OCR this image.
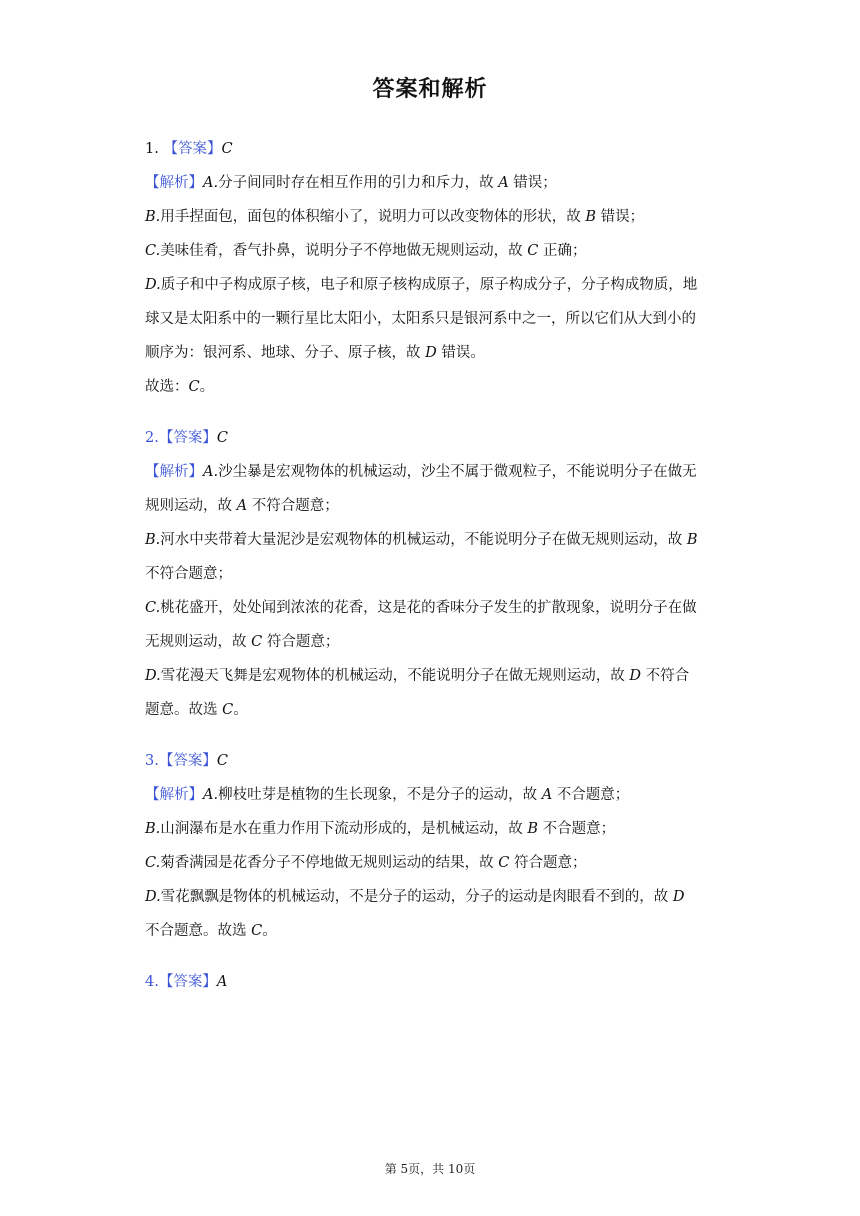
答案和解析
1. 【答案】C
【解析】A.分子间同时存在相互作用的引力和斥力，故 A 错误；
B.用手捏面包，面包的体积缩小了，说明力可以改变物体的形状，故 B 错误；
C.美味佳肴，香气扑鼻，说明分子不停地做无规则运动，故 C 正确；
D.质子和中子构成原子核，电子和原子核构成原子，原子构成分子，分子构成物质，地
球又是太阳系中的一颗行星比太阳小，太阳系只是银河系中之一，所以它们从大到小的
顺序为：银河系、地球、分子、原子核，故 D 错误。
故选：C。
2.【答案】C
【解析】A.沙尘暴是宏观物体的机械运动，沙尘不属于微观粒子，不能说明分子在做无
规则运动，故 A 不符合题意；
B.河水中夹带着大量泥沙是宏观物体的机械运动，不能说明分子在做无规则运动，故 B
不符合题意；
C.桃花盛开，处处闻到浓浓的花香，这是花的香味分子发生的扩散现象，说明分子在做
无规则运动，故 C 符合题意；
D.雪花漫天飞舞是宏观物体的机械运动，不能说明分子在做无规则运动，故 D 不符合
题意。故选 C。
3.【答案】C
【解析】A.柳枝吐芽是植物的生长现象，不是分子的运动，故 A 不合题意；
B.山涧瀑布是水在重力作用下流动形成的，是机械运动，故 B 不合题意；
C.菊香满园是花香分子不停地做无规则运动的结果，故 C 符合题意；
D.雪花飘飘是物体的机械运动，不是分子的运动，分子的运动是肉眼看不到的，故 D
不合题意。故选 C。
4.【答案】A
第 5页，共 10页
